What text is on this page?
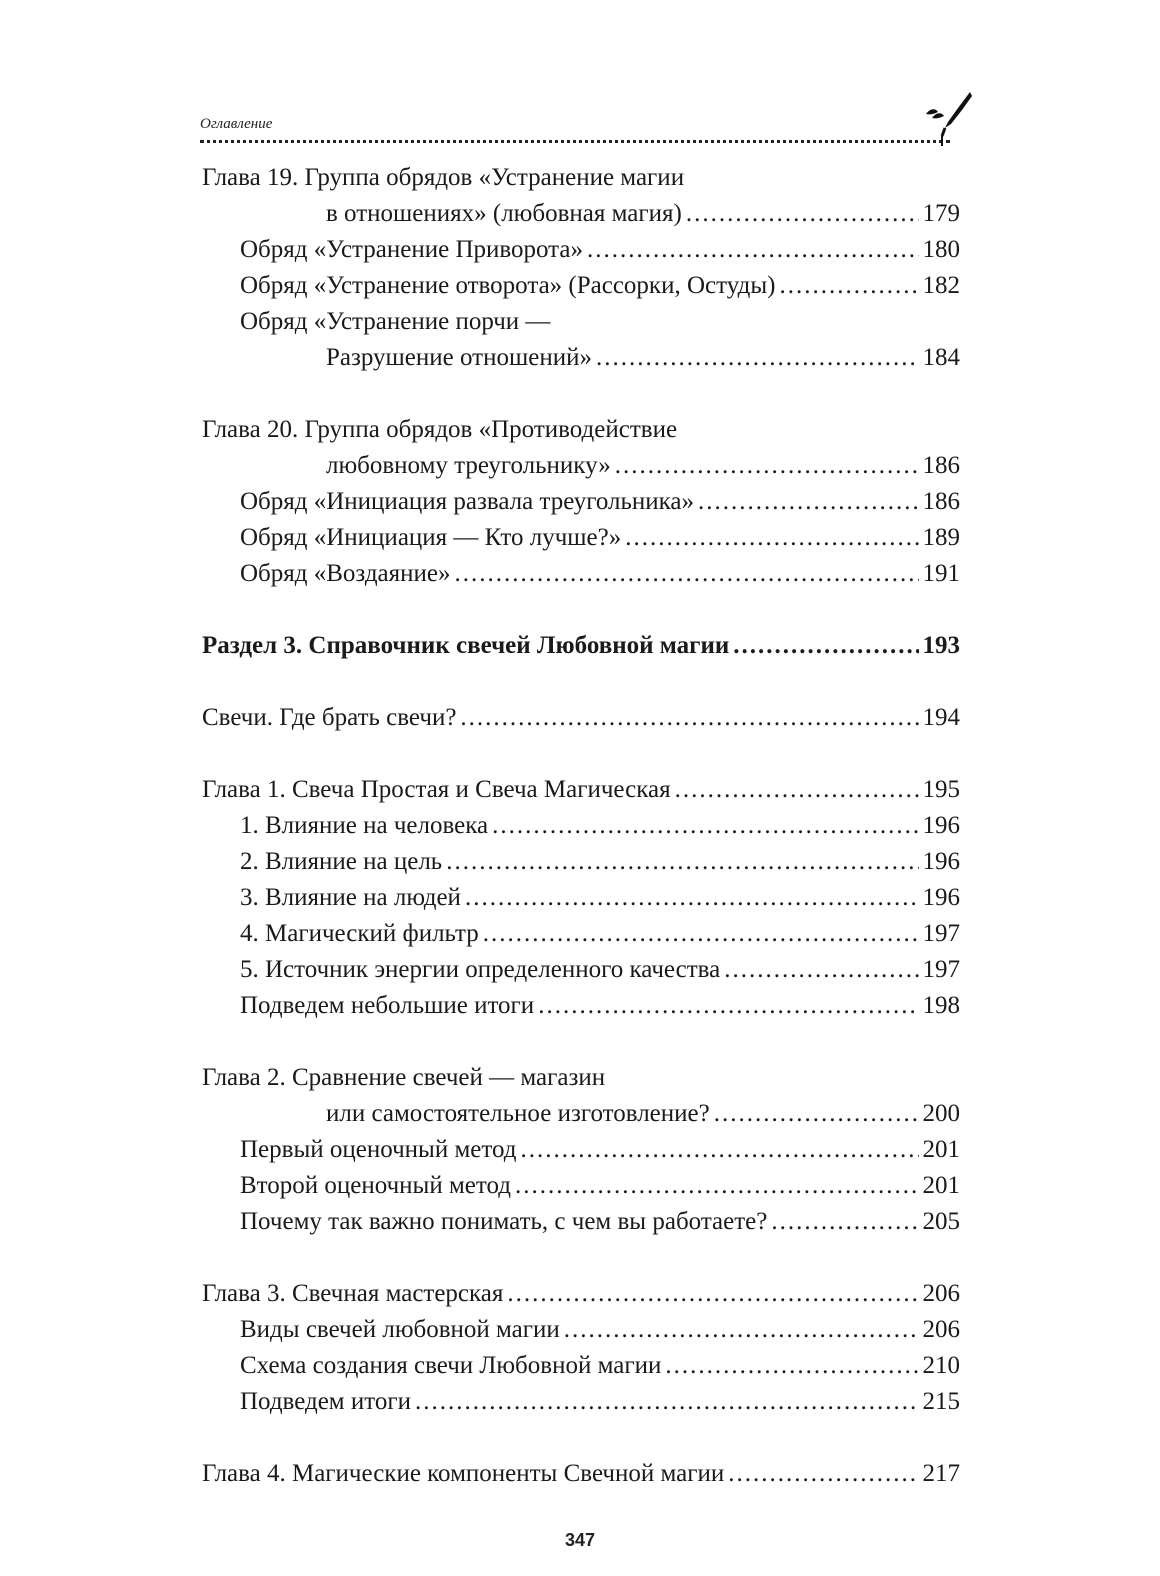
Оглавление
Глава 19. Группа обрядов «Устранение магии
в отношениях» (любовная магия) .....	179
Обряд «Устранение Приворота» .....	180
Обряд «Устранение отворота» (Рассорки, Остуды) .....	182
Обряд «Устранение порчи —
Разрушение отношений» .....	184
Глава 20. Группа обрядов «Противодействие
любовному треугольнику» .....	186
Обряд «Инициация развала треугольника» .....	186
Обряд «Инициация — Кто лучше?» .....	189
Обряд «Воздаяние» .....	191
Раздел 3. Справочник свечей Любовной магии .....	193
Свечи. Где брать свечи? .....	194
Глава 1. Свеча Простая и Свеча Магическая .....	195
1. Влияние на человека .....	196
2. Влияние на цель .....	196
3. Влияние на людей .....	196
4. Магический фильтр .....	197
5. Источник энергии определенного качества .....	197
Подведем небольшие итоги .....	198
Глава 2. Сравнение свечей — магазин
или самостоятельное изготовление? .....	200
Первый оценочный метод .....	201
Второй оценочный метод .....	201
Почему так важно понимать, с чем вы работаете? .....	205
Глава 3. Свечная мастерская .....	206
Виды свечей любовной магии .....	206
Схема создания свечи Любовной магии .....	210
Подведем итоги .....	215
Глава 4. Магические компоненты Свечной магии .....	217
347
